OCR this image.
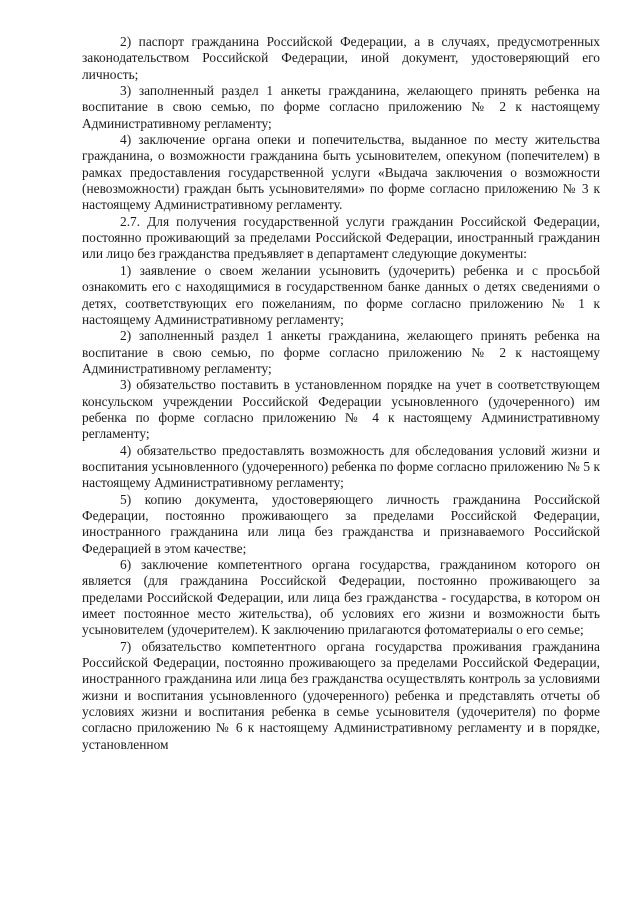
2) паспорт гражданина Российской Федерации, а в случаях, предусмотренных законодательством Российской Федерации, иной документ, удостоверяющий его личность;

3) заполненный раздел 1 анкеты гражданина, желающего принять ребенка на воспитание в свою семью, по форме согласно приложению № 2 к настоящему Административному регламенту;

4) заключение органа опеки и попечительства, выданное по месту жительства гражданина, о возможности гражданина быть усыновителем, опекуном (попечителем) в рамках предоставления государственной услуги «Выдача заключения о возможности (невозможности) граждан быть усыновителями» по форме согласно приложению № 3 к настоящему Административному регламенту.

2.7. Для получения государственной услуги гражданин Российской Федерации, постоянно проживающий за пределами Российской Федерации, иностранный гражданин или лицо без гражданства предъявляет в департамент следующие документы:

1) заявление о своем желании усыновить (удочерить) ребенка и с просьбой ознакомить его с находящимися в государственном банке данных о детях сведениями о детях, соответствующих его пожеланиям, по форме согласно приложению № 1 к настоящему Административному регламенту;

2) заполненный раздел 1 анкеты гражданина, желающего принять ребенка на воспитание в свою семью, по форме согласно приложению № 2 к настоящему Административному регламенту;

3) обязательство поставить в установленном порядке на учет в соответствующем консульском учреждении Российской Федерации усыновленного (удочеренного) им ребенка по форме согласно приложению № 4 к настоящему Административному регламенту;

4) обязательство предоставлять возможность для обследования условий жизни и воспитания усыновленного (удочеренного) ребенка по форме согласно приложению № 5 к настоящему Административному регламенту;

5) копию документа, удостоверяющего личность гражданина Российской Федерации, постоянно проживающего за пределами Российской Федерации, иностранного гражданина или лица без гражданства и признаваемого Российской Федерацией в этом качестве;

6) заключение компетентного органа государства, гражданином которого он является (для гражданина Российской Федерации, постоянно проживающего за пределами Российской Федерации, или лица без гражданства - государства, в котором он имеет постоянное место жительства), об условиях его жизни и возможности быть усыновителем (удочерителем). К заключению прилагаются фотоматериалы о его семье;

7) обязательство компетентного органа государства проживания гражданина Российской Федерации, постоянно проживающего за пределами Российской Федерации, иностранного гражданина или лица без гражданства осуществлять контроль за условиями жизни и воспитания усыновленного (удочеренного) ребенка и представлять отчеты об условиях жизни и воспитания ребенка в семье усыновителя (удочерителя) по форме согласно приложению № 6 к настоящему Административному регламенту и в порядке, установленном
